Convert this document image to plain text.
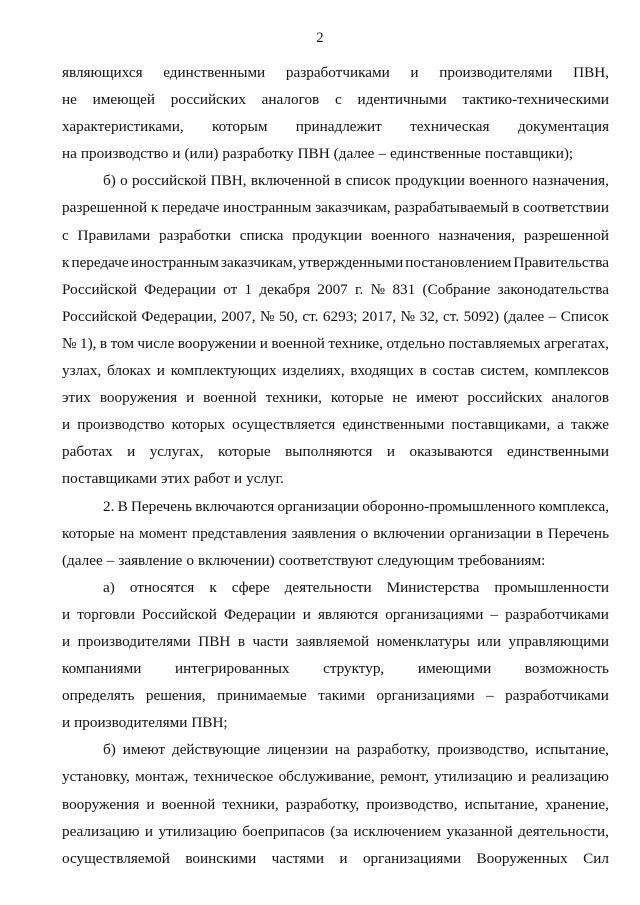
2
являющихся единственными разработчиками и производителями ПВН,
не имеющей российских аналогов с идентичными тактико-техническими
характеристиками, которым принадлежит техническая документация
на производство и (или) разработку ПВН (далее – единственные поставщики);
б) о российской ПВН, включенной в список продукции военного назначения,
разрешенной к передаче иностранным заказчикам, разрабатываемый в соответствии
с Правилами разработки списка продукции военного назначения, разрешенной
к передаче иностранным заказчикам, утвержденными постановлением Правительства
Российской Федерации от 1 декабря 2007 г. № 831 (Собрание законодательства
Российской Федерации, 2007, № 50, ст. 6293; 2017, № 32, ст. 5092) (далее – Список
№ 1), в том числе вооружении и военной технике, отдельно поставляемых агрегатах,
узлах, блоках и комплектующих изделиях, входящих в состав систем, комплексов
этих вооружения и военной техники, которые не имеют российских аналогов
и производство которых осуществляется единственными поставщиками, а также
работах и услугах, которые выполняются и оказываются единственными
поставщиками этих работ и услуг.
2. В Перечень включаются организации оборонно-промышленного комплекса,
которые на момент представления заявления о включении организации в Перечень
(далее – заявление о включении) соответствуют следующим требованиям:
а) относятся к сфере деятельности Министерства промышленности
и торговли Российской Федерации и являются организациями – разработчиками
и производителями ПВН в части заявляемой номенклатуры или управляющими
компаниями интегрированных структур, имеющими возможность
определять решения, принимаемые такими организациями – разработчиками
и производителями ПВН;
б) имеют действующие лицензии на разработку, производство, испытание,
установку, монтаж, техническое обслуживание, ремонт, утилизацию и реализацию
вооружения и военной техники, разработку, производство, испытание, хранение,
реализацию и утилизацию боеприпасов (за исключением указанной деятельности,
осуществляемой воинскими частями и организациями Вооруженных Сил
